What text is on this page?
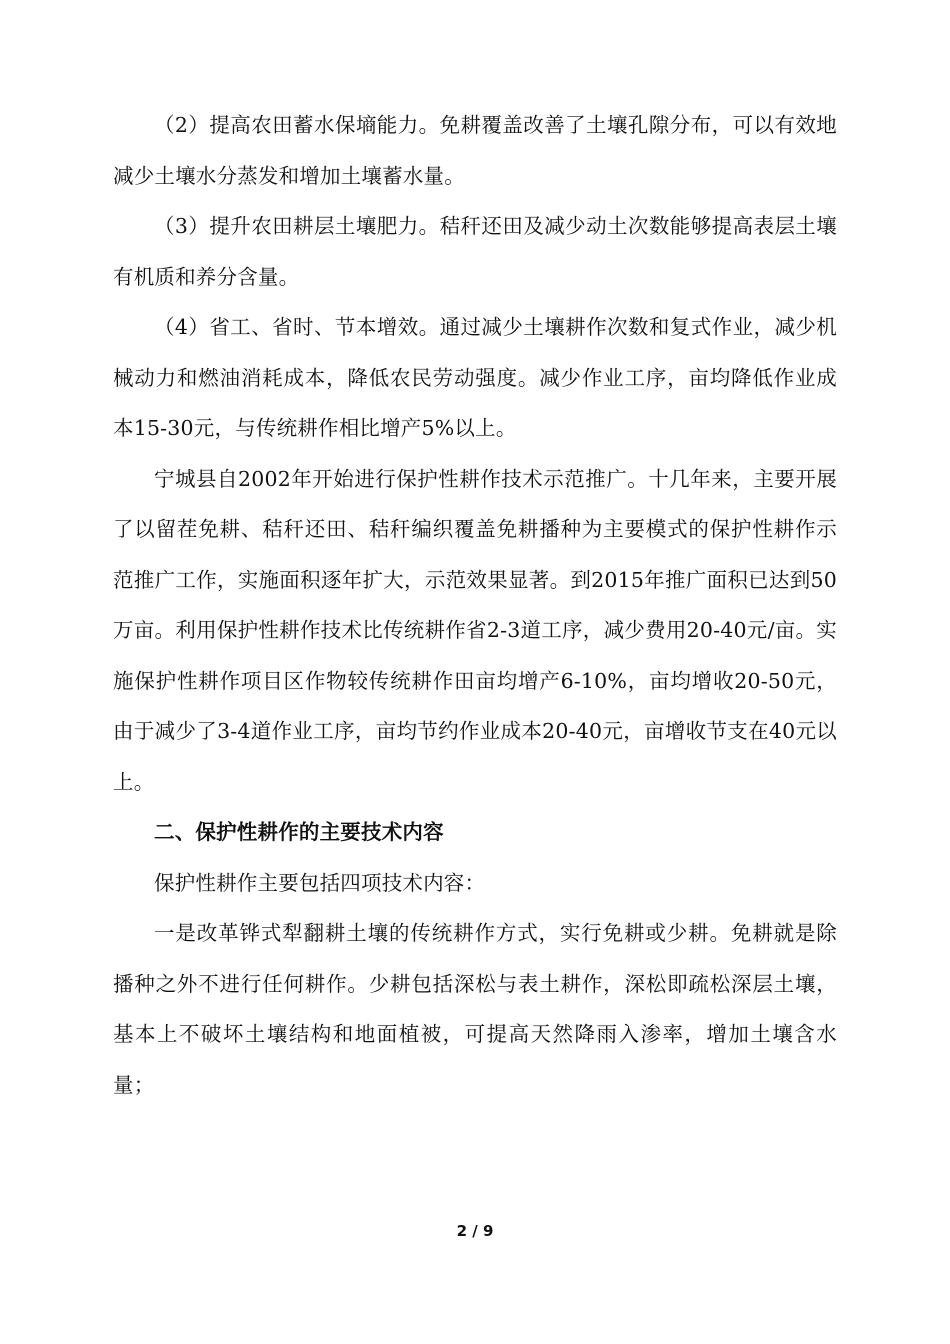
（2）提高农田蓄水保墒能力。免耕覆盖改善了土壤孔隙分布，可以有效地减少土壤水分蒸发和增加土壤蓄水量。

（3）提升农田耕层土壤肥力。秸秆还田及减少动土次数能够提高表层土壤有机质和养分含量。

（4）省工、省时、节本增效。通过减少土壤耕作次数和复式作业，减少机械动力和燃油消耗成本，降低农民劳动强度。减少作业工序，亩均降低作业成本15-30元，与传统耕作相比增产5%以上。

宁城县自2002年开始进行保护性耕作技术示范推广。十几年来，主要开展了以留茬免耕、秸秆还田、秸秆编织覆盖免耕播种为主要模式的保护性耕作示范推广工作，实施面积逐年扩大，示范效果显著。到2015年推广面积已达到50万亩。利用保护性耕作技术比传统耕作省2-3道工序，减少费用20-40元/亩。实施保护性耕作项目区作物较传统耕作田亩均增产6-10%，亩均增收20-50元，由于减少了3-4道作业工序，亩均节约作业成本20-40元，亩增收节支在40元以上。

二、保护性耕作的主要技术内容

保护性耕作主要包括四项技术内容：

一是改革铧式犁翻耕土壤的传统耕作方式，实行免耕或少耕。免耕就是除播种之外不进行任何耕作。少耕包括深松与表土耕作，深松即疏松深层土壤，基本上不破坏土壤结构和地面植被，可提高天然降雨入渗率，增加土壤含水量；

2 / 9
